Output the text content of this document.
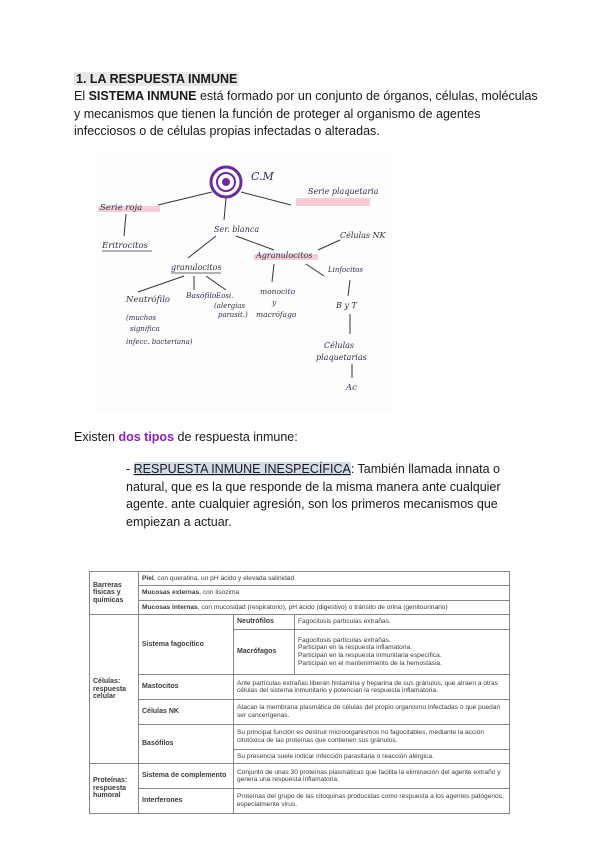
1. LA RESPUESTA INMUNE
El SISTEMA INMUNE está formado por un conjunto de órganos, células, moléculas y mecanismos que tienen la función de proteger al organismo de agentes infecciosos o de células propias infectadas o alteradas.
C.M
Serie roja
Serie plaquetaria
Ser. blanca
Eritrocitos
granulocitos
Agranulocitos
Células NK
Neutrófilo
(muchos
significa
infecc. bacteriana)
Basófilo Eosi.
(alergias
parasit.)
monocito
y
macrófago
Linfocitos
B y T
Células
plaquetarias
Ac
Existen dos tipos de respuesta inmune:
- RESPUESTA INMUNE INESPECÍFICA: También llamada innata o natural, que es la que responde de la misma manera ante cualquier agente. ante cualquier agresión, son los primeros mecanismos que empiezan a actuar.
Barreras físicas y químicas	Piel, con queratina, un pH ácido y elevada salinidad		
	Mucosas externas, con lisozima		
	Mucosas internas, con mucosidad (respiratorio), pH ácido (digestivo) o tránsito de orina (genitourinario)		
Células: respuesta celular	Sistema fagocítico	Neutrófilos	Fagocitosis partículas extrañas.
		Macrófagos	Fagocitosis partículas extrañas.
Participan en la respuesta inflamatoria.
Participan en la respuesta inmunitaria específica.
Participan en el mantenimiento de la hemostasia.

	Mastocitos	Ante partículas extrañas liberan histamina y heparina de sus gránulos, que atraen a otras células del sistema inmunitario y potencian la respuesta inflamatoria.	
	Células NK	Atacan la membrana plasmática de células del propio organismo infectadas o que puedan ser cancerígenas.	
	Basófilos	Su principal función es destruir microorganismos no fagocitables, mediante la acción citotóxica de las proteínas que contienen sus gránulos.	
		Su presencia suele indicar infección parasitaria o reacción alérgica.	
Proteínas: respuesta humoral	Sistema de complemento	Conjunto de unas 30 proteínas plasmáticas que facilita la eliminación del agente extraño y genera una respuesta inflamatoria.	
	Interferones	Proteínas del grupo de las citoquinas producidas como respuesta a los agentes patógenos, especialmente virus.	
